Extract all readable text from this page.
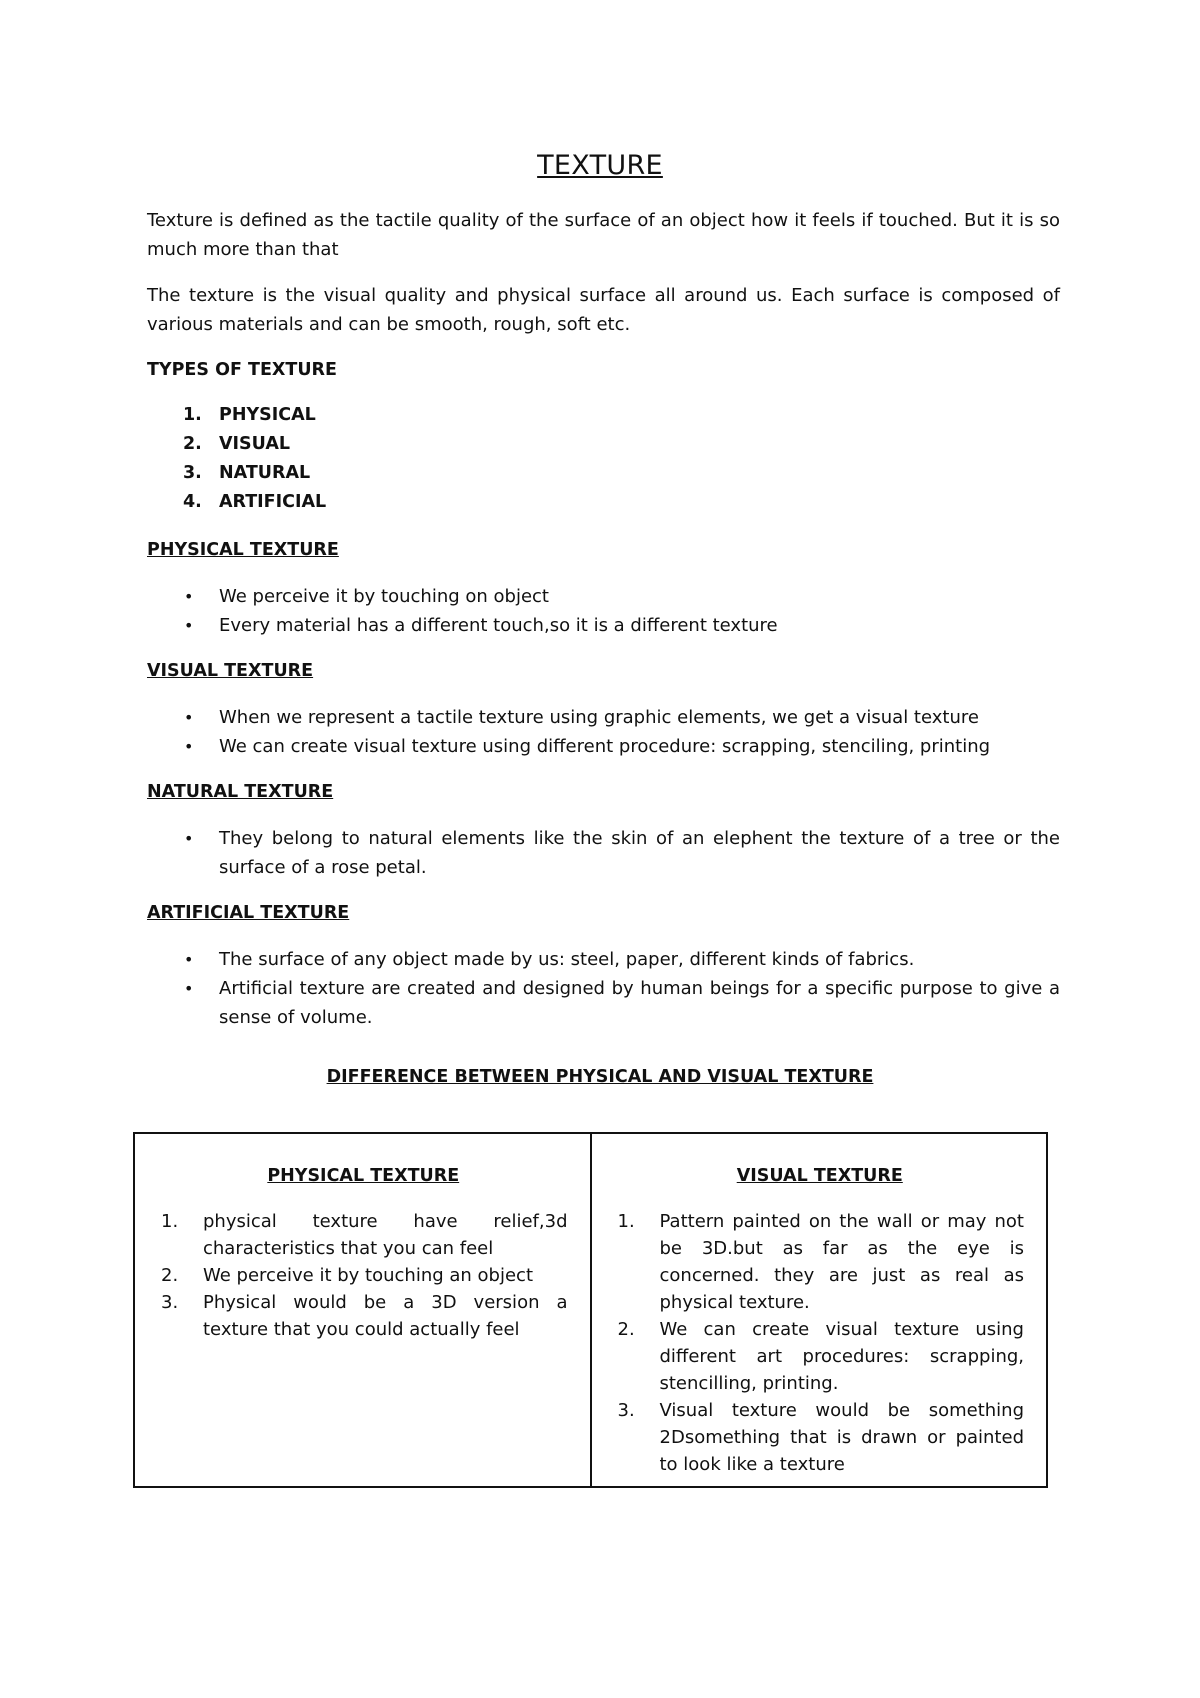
TEXTURE

Texture is defined as the tactile quality of the surface of an object how it feels if touched. But it is so much more than that

The texture is the visual quality and physical surface all around us. Each surface is composed of various materials and can be smooth, rough, soft etc.

TYPES OF TEXTURE

1. PHYSICAL
2. VISUAL
3. NATURAL
4. ARTIFICIAL

PHYSICAL TEXTURE

• We perceive it by touching on object
• Every material has a different touch,so it is a different texture

VISUAL TEXTURE

• When we represent a tactile texture using graphic elements, we get a visual texture
• We can create visual texture using different procedure: scrapping, stenciling, printing

NATURAL TEXTURE

• They belong to natural elements like the skin of an elephent the texture of a tree or the surface of a rose petal.

ARTIFICIAL TEXTURE

• The surface of any object made by us: steel, paper, different kinds of fabrics.
• Artificial texture are created and designed by human beings for a specific purpose to give a sense of volume.
DIFFERENCE BETWEEN PHYSICAL AND VISUAL TEXTURE
PHYSICAL TEXTURE
1. physical texture have relief,3d characteristics that you can feel
2. We perceive it by touching an object
3. Physical would be a 3D version a texture that you could actually feel
VISUAL TEXTURE
1. Pattern painted on the wall or may not be 3D.but as far as the eye is concerned. they are just as real as physical texture.
2. We can create visual texture using different art procedures: scrapping, stencilling, printing.
3. Visual texture would be something 2Dsomething that is drawn or painted to look like a texture
